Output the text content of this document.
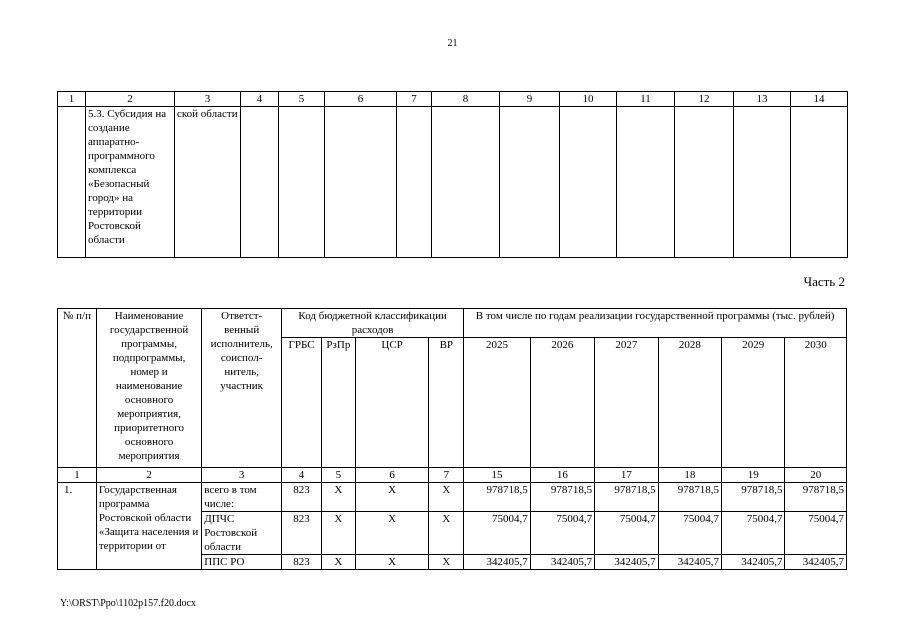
21
1	2	3	4	5	6	7	8	9	10	11	12	13	14
	5.3. Субсидия на создание аппаратно-программного комплекса «Безопасный город» на территории Ростовской области	ской области											
Часть 2
№ п/п	Наименование государственной программы, подпрограммы, номер и наименование основного мероприятия, приоритетного основного мероприятия	Ответст-венный исполнитель, соиспол-нитель, участник	Код бюджетной классификации расходов				В том числе по годам реализации государственной программы (тыс. рублей)					
			ГРБС	РзПр	ЦСР	ВР	2025	2026	2027	2028	2029	2030
1	2	3	4	5	6	7	15	16	17	18	19	20
1.	Государственная программа Ростовской области «Защита населения и территории от	всего в том числе:	823	Х	Х	Х	978718,5	978718,5	978718,5	978718,5	978718,5	978718,5
		ДПЧС Ростовской области	823	Х	Х	Х	75004,7	75004,7	75004,7	75004,7	75004,7	75004,7
		ППС РО	823	Х	Х	Х	342405,7	342405,7	342405,7	342405,7	342405,7	342405,7
Y:\ORST\Ppo\1102p157.f20.docx
